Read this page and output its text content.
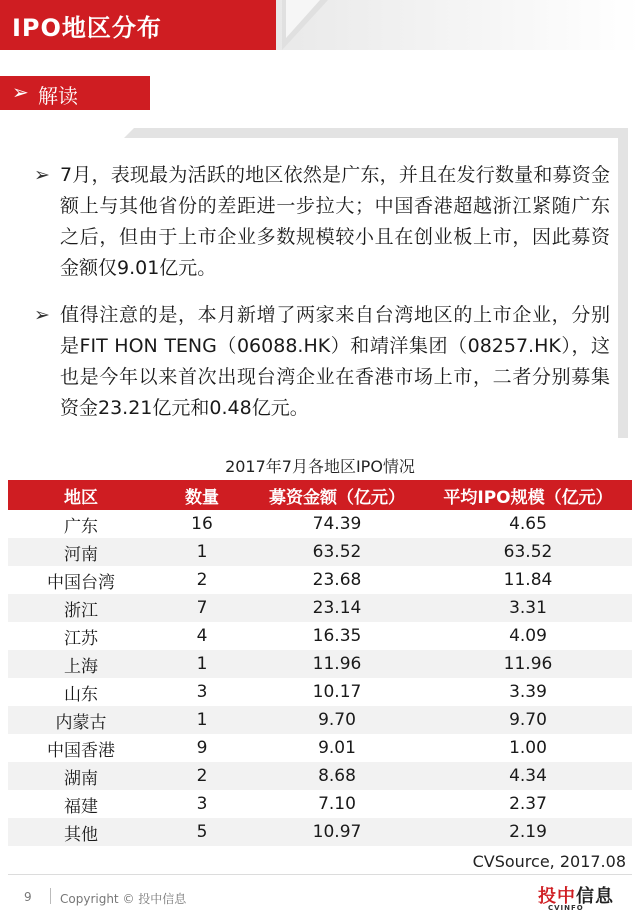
IPO地区分布
➢ 解读
➢ 7月，表现最为活跃的地区依然是广东，并且在发行数量和募资金额上与其他省份的差距进一步拉大；中国香港超越浙江紧随广东之后，但由于上市企业多数规模较小且在创业板上市，因此募资金额仅9.01亿元。
➢ 值得注意的是，本月新增了两家来自台湾地区的上市企业，分别是FIT HON TENG（06088.HK）和靖洋集团（08257.HK），这也是今年以来首次出现台湾企业在香港市场上市，二者分别募集资金23.21亿元和0.48亿元。
2017年7月各地区IPO情况
地区	数量	募资金额（亿元）	平均IPO规模（亿元）
广东	16	74.39	4.65
河南	1	63.52	63.52
中国台湾	2	23.68	11.84
浙江	7	23.14	3.31
江苏	4	16.35	4.09
上海	1	11.96	11.96
山东	3	10.17	3.39
内蒙古	1	9.70	9.70
中国香港	9	9.01	1.00
湖南	2	8.68	4.34
福建	3	7.10	2.37
其他	5	10.97	2.19
CVSource, 2017.08
9 Copyright © 投中信息	投中信息
CVINFO
